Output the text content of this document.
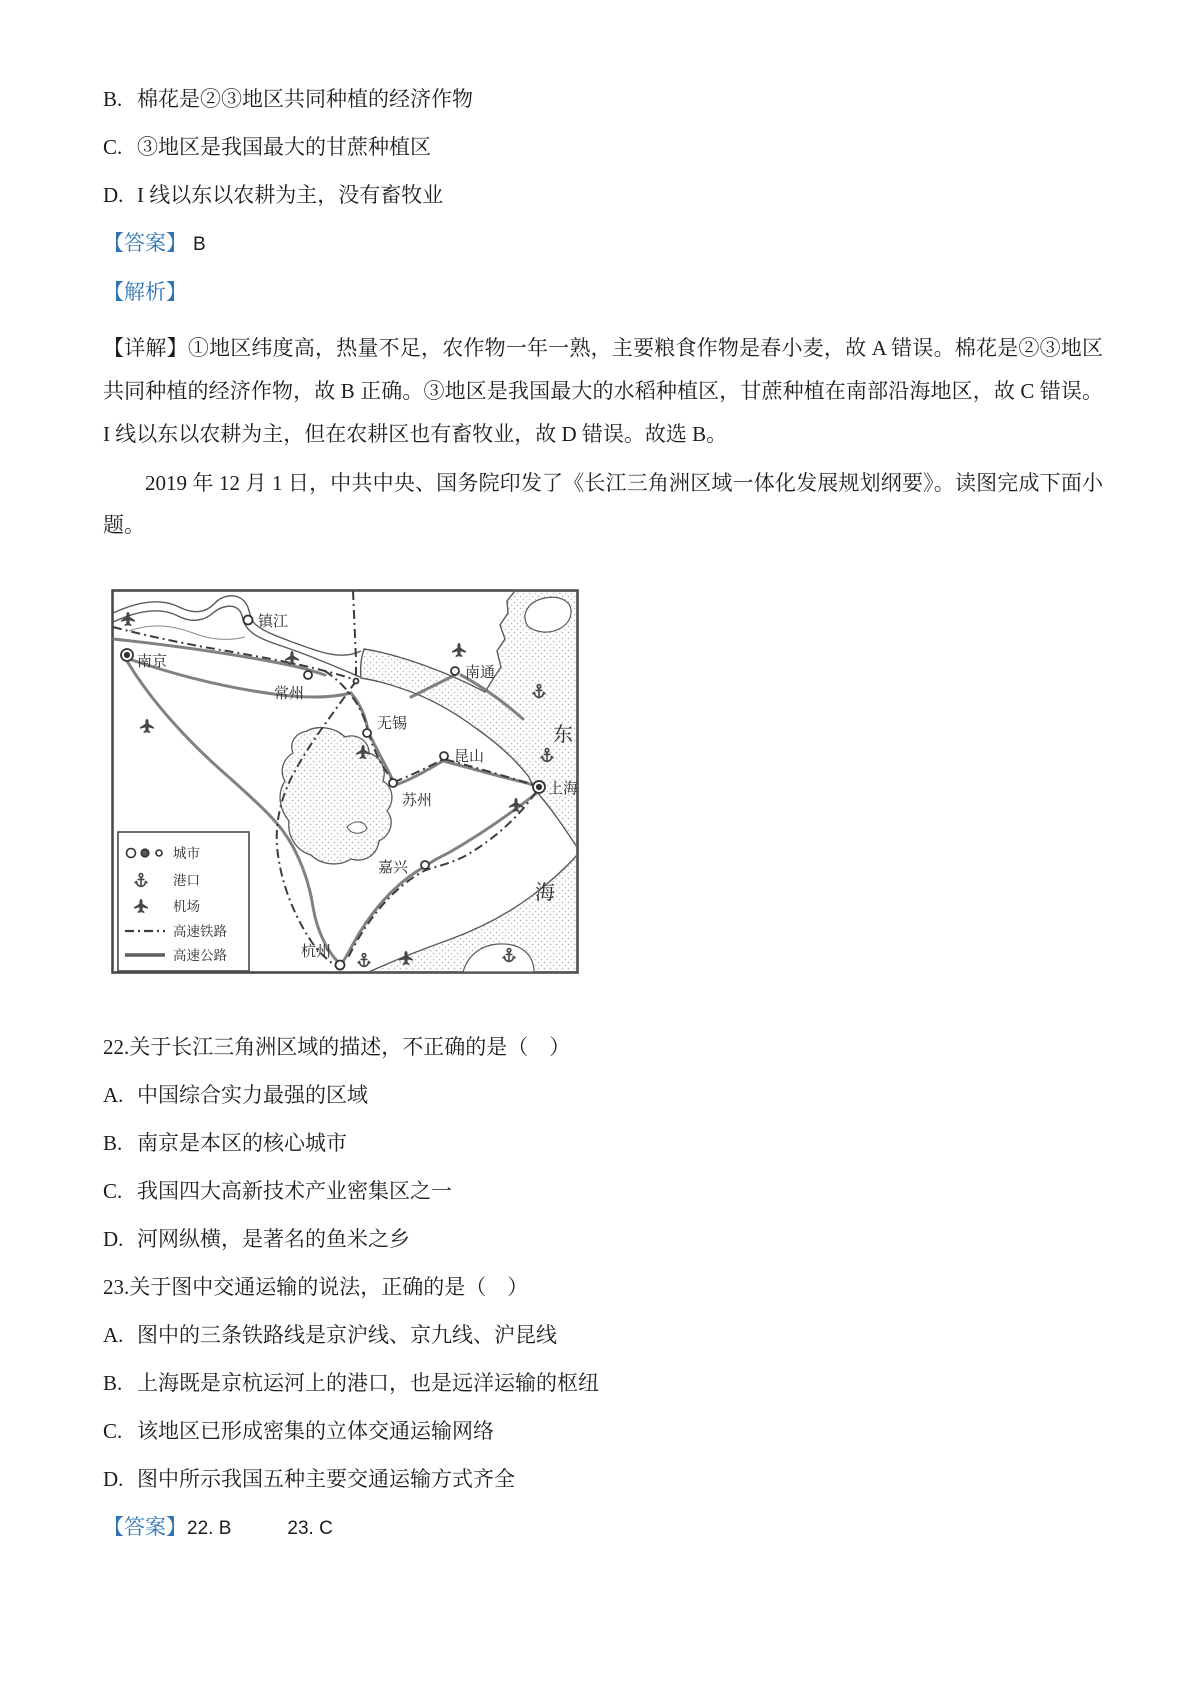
B. 棉花是②③地区共同种植的经济作物
C. ③地区是我国最大的甘蔗种植区
D. I 线以东以农耕为主，没有畜牧业
【答案】 B
【解析】
【详解】①地区纬度高，热量不足，农作物一年一熟，主要粮食作物是春小麦，故 A 错误。棉花是②③地区共同种植的经济作物，故 B 正确。③地区是我国最大的水稻种植区，甘蔗种植在南部沿海地区，故 C 错误。I 线以东以农耕为主，但在农耕区也有畜牧业，故 D 错误。故选 B。
2019 年 12 月 1 日，中共中央、国务院印发了《长江三角洲区域一体化发展规划纲要》。读图完成下面小题。
镇江
南京
常州
无锡
昆山
苏州
上海
南通
嘉兴
杭州
东
海
城市
港口
机场
高速铁路
高速公路
22.关于长江三角洲区域的描述，不正确的是（　）
A. 中国综合实力最强的区域
B. 南京是本区的核心城市
C. 我国四大高新技术产业密集区之一
D. 河网纵横，是著名的鱼米之乡
23.关于图中交通运输的说法，正确的是（　）
A. 图中的三条铁路线是京沪线、京九线、沪昆线
B. 上海既是京杭运河上的港口，也是远洋运输的枢纽
C. 该地区已形成密集的立体交通运输网络
D. 图中所示我国五种主要交通运输方式齐全
【答案】22. B	23. C
